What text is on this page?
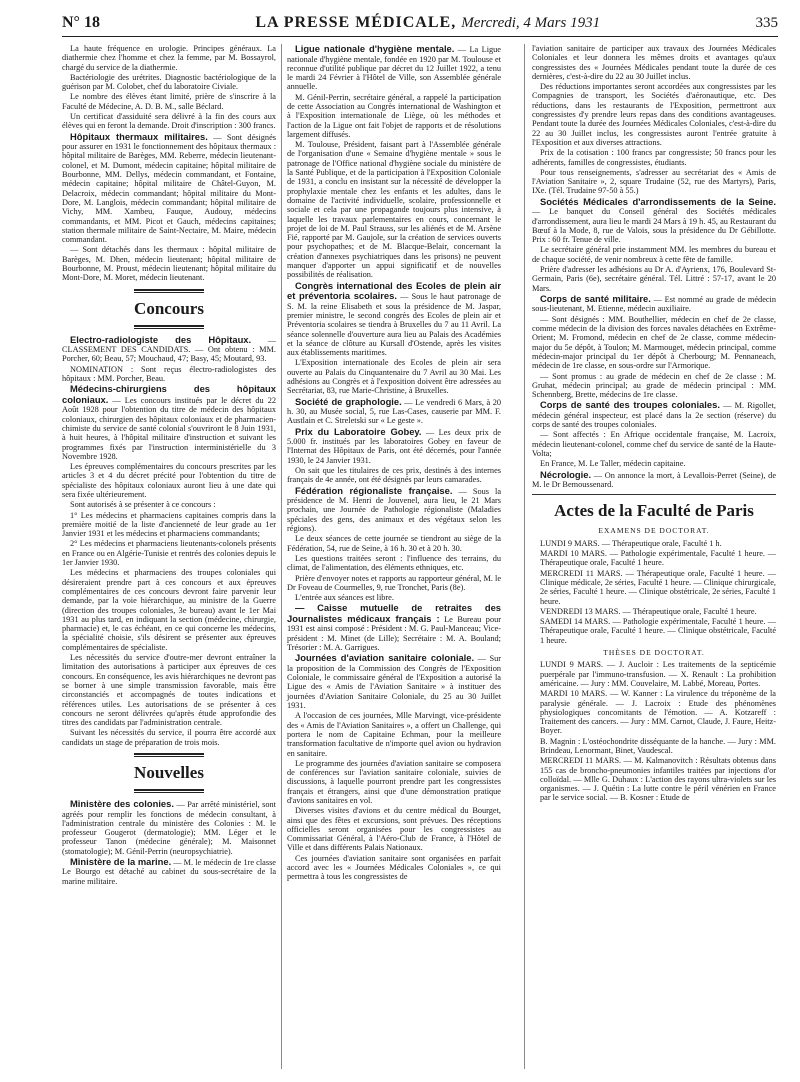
N° 18	LA PRESSE MÉDICALE, Mercredi, 4 Mars 1931	335

La haute fréquence en urologie. Principes généraux. La diathermie chez l'homme et chez la femme, par M. Bossayrol, chargé du service de la diathermie.

Bactériologie des urétrites. Diagnostic bactériologique de la guérison par M. Colobet, chef du laboratoire Civiale.

Le nombre des élèves étant limité, prière de s'inscrire à la Faculté de Médecine, A. D. B. M., salle Béclard.

Un certificat d'assiduité sera délivré à la fin des cours aux élèves qui en feront la demande. Droit d'inscription : 300 francs.

Hôpitaux thermaux militaires. — Sont désignés pour assurer en 1931 le fonctionnement des hôpitaux thermaux : hôpital militaire de Barèges, MM. Reberre, médecin lieutenant-colonel, et M. Dumont, médecin capitaine; hôpital militaire de Bourbonne, MM. Dellys, médecin commandant, et Fontaine, médecin capitaine; hôpital militaire de Châtel-Guyon, M. Delacroix, médecin commandant; hôpital militaire du Mont-Dore, M. Langlois, médecin commandant; hôpital militaire de Vichy, MM. Xambeu, Fauque, Audouy, médecins commandants, et MM. Picot et Gauch, médecins capitaines; station thermale militaire de Saint-Nectaire, M. Maire, médecin commandant.

— Sont détachés dans les thermaux : hôpital militaire de Barèges, M. Dhen, médecin lieutenant; hôpital militaire de Bourbonne, M. Proust, médecin lieutenant; hôpital militaire du Mont-Dore, M. Moret, médecin lieutenant.

Concours

Electro-radiologiste des Hôpitaux. — CLASSEMENT DES CANDIDATS. — Ont obtenu : MM. Porcher, 60; Beau, 57; Mouchaud, 47; Basy, 45; Moutard, 93.

NOMINATION : Sont reçus électro-radiologistes des hôpitaux : MM. Porcher, Beau.

Médecins-chirurgiens des hôpitaux coloniaux. — Les concours institués par le décret du 22 Août 1928 pour l'obtention du titre de médecin des hôpitaux coloniaux, chirurgien des hôpitaux coloniaux et de pharmacien-chimiste du service de santé colonial s'ouvriront le 8 Juin 1931, à huit heures, à l'hôpital militaire d'instruction et suivant les programmes fixés par l'instruction interministérielle du 3 Novembre 1928.

Les épreuves complémentaires du concours prescrites par les articles 3 et 4 du décret précité pour l'obtention du titre de spécialiste des hôpitaux coloniaux auront lieu à une date qui sera fixée ultérieurement.

Sont autorisés à se présenter à ce concours :

1° Les médecins et pharmaciens capitaines compris dans la première moitié de la liste d'ancienneté de leur grade au 1er Janvier 1931 et les médecins et pharmaciens commandants;

2° Les médecins et pharmaciens lieutenants-colonels présents en France ou en Algérie-Tunisie et rentrés des colonies depuis le 1er Janvier 1930.

Les médecins et pharmaciens des troupes coloniales qui désireraient prendre part à ces concours et aux épreuves complémentaires de ces concours devront faire parvenir leur demande, par la voie hiérarchique, au ministre de la Guerre (direction des troupes coloniales, 3e bureau) avant le 1er Mai 1931 au plus tard, en indiquant la section (médecine, chirurgie, pharmacie) et, le cas échéant, en ce qui concerne les médecins, la spécialité choisie, s'ils désirent se présenter aux épreuves complémentaires de spécialiste.

Les nécessités du service d'outre-mer devront entraîner la limitation des autorisations à participer aux épreuves de ces concours. En conséquence, les avis hiérarchiques ne devront pas se borner à une simple transmission favorable, mais être circonstanciés et accompagnés de toutes indications et références utiles. Les autorisations de se présenter à ces concours ne seront délivrées qu'après étude approfondie des titres des candidats par l'administration centrale.

Suivant les nécessités du service, il pourra être accordé aux candidats un stage de préparation de trois mois.

Nouvelles

Ministère des colonies. — Par arrêté ministériel, sont agréés pour remplir les fonctions de médecin consultant, à l'administration centrale du ministère des Colonies : M. le professeur Gougerot (dermatologie); MM. Léger et le professeur Tanon (médecine générale); M. Maisonnet (stomatologie); M. Génil-Perrin (neuropsychiatrie).

Ministère de la marine. — M. le médecin de 1re classe Le Bourgo est détaché au cabinet du sous-secrétaire de la marine militaire.

Ligue nationale d'hygiène mentale. — La Ligue nationale d'hygiène mentale, fondée en 1920 par M. Toulouse et reconnue d'utilité publique par décret du 12 Juillet 1922, a tenu le mardi 24 Février à l'Hôtel de Ville, son Assemblée générale annuelle.

M. Génil-Perrin, secrétaire général, a rappelé la participation de cette Association au Congrès international de Washington et à l'Exposition internationale de Liège, où les méthodes et l'action de la Ligue ont fait l'objet de rapports et de résolutions largement diffusés.

M. Toulouse, Président, faisant part à l'Assemblée générale de l'organisation d'une « Semaine d'hygiène mentale » sous le patronage de l'Office national d'hygiène sociale du ministère de la Santé Publique, et de la participation à l'Exposition Coloniale de 1931, a conclu en insistant sur la nécessité de développer la prophylaxie mentale chez les enfants et les adultes, dans le domaine de l'activité individuelle, scolaire, professionnelle et sociale et cela par une propagande toujours plus intensive, à laquelle les travaux parlementaires en cours, concernant le projet de loi de M. Paul Strauss, sur les aliénés et de M. Arsène Fié, rapporté par M. Gaujole, sur la création de services ouverts pour psychopathes; et de M. Blacque-Belair, concernant la création d'annexes psychiatriques dans les prisons) ne peuvent manquer d'apporter un appui significatif et de nouvelles possibilités de réalisation.

Congrès international des Ecoles de plein air et préventoria scolaires. — Sous le haut patronage de S. M. la reine Elisabeth et sous la présidence de M. Jaspar, premier ministre, le second congrès des Ecoles de plein air et Préventoria scolaires se tiendra à Bruxelles du 7 au 11 Avril. La séance solennelle d'ouverture aura lieu au Palais des Académies et la séance de clôture au Kursall d'Ostende, après les visites aux établissements maritimes.

L'Exposition internationale des Ecoles de plein air sera ouverte au Palais du Cinquantenaire du 7 Avril au 30 Mai. Les adhésions au Congrès et à l'exposition doivent être adressées au Secrétariat, 83, rue Marie-Christine, à Bruxelles.

Société de graphologie. — Le vendredi 6 Mars, à 20 h. 30, au Musée social, 5, rue Las-Cases, causerie par MM. F. Austlain et C. Streletski sur « Le geste ».

Prix du Laboratoire Gobey. — Les deux prix de 5.000 fr. institués par les laboratoires Gobey en faveur de l'Internat des Hôpitaux de Paris, ont été décernés, pour l'année 1930, le 24 Janvier 1931.

On sait que les titulaires de ces prix, destinés à des internes français de 4e année, ont été désignés par leurs camarades.

Fédération régionaliste française. — Sous la présidence de M. Henri de Jouvenel, aura lieu, le 21 Mars prochain, une Journée de Pathologie régionaliste (Maladies spéciales des gens, des animaux et des végétaux selon les régions).

Le deux séances de cette journée se tiendront au siège de la Fédération, 54, rue de Seine, à 16 h. 30 et à 20 h. 30.

Les questions traitées seront : l'influence des terrains, du climat, de l'alimentation, des éléments ethniques, etc.

Prière d'envoyer notes et rapports au rapporteur général, M. le Dr Foveau de Courmelles, 9, rue Tronchet, Paris (8e).

L'entrée aux séances est libre.

— Caisse mutuelle de retraites des Journalistes médicaux français : Le Bureau pour 1931 est ainsi composé : Président : M. G. Paul-Manceau; Vice-président : M. Minet (de Lille); Secrétaire : M. A. Bouland; Trésorier : M. A. Garrigues.

Journées d'aviation sanitaire coloniale. — Sur la proposition de la Commission des Congrès de l'Exposition Coloniale, le commissaire général de l'Exposition a autorisé la Ligue des « Amis de l'Aviation Sanitaire » à instituer des journées d'Aviation Sanitaire Coloniale, du 25 au 30 Juillet 1931.

A l'occasion de ces journées, Mlle Marvingt, vice-présidente des « Amis de l'Aviation Sanitaires », a offert un Challenge, qui portera le nom de Capitaine Echman, pour la meilleure transformation facultative de n'importe quel avion ou hydravion en sanitaire.

Le programme des journées d'aviation sanitaire se composera de conférences sur l'aviation sanitaire coloniale, suivies de discussions, à laquelle pourront prendre part les congressistes français et étrangers, ainsi que d'une démonstration pratique d'avions sanitaires en vol.

Diverses visites d'avions et du centre médical du Bourget, ainsi que des fêtes et excursions, sont prévues. Des réceptions officielles seront organisées pour les congressistes au Commissariat Général, à l'Aéro-Club de France, à l'Hôtel de Ville et dans différents Palais Nationaux.

Ces journées d'aviation sanitaire sont organisées en parfait accord avec les « Journées Médicales Coloniales », ce qui permettra à tous les congressistes de

l'aviation sanitaire de participer aux travaux des Journées Médicales Coloniales et leur donnera les mêmes droits et avantages qu'aux congressistes des « Journées Médicales pendant toute la durée de ces dernières, c'est-à-dire du 22 au 30 Juillet inclus.

Des réductions importantes seront accordées aux congressistes par les Compagnies de transport, les Sociétés d'aéronautique, etc. Des réductions, dans les restaurants de l'Exposition, permettront aux congressistes d'y prendre leurs repas dans des conditions avantageuses. Pendant toute la durée des Journées Médicales Coloniales, c'est-à-dire du 22 au 30 Juillet inclus, les congressistes auront l'entrée gratuite à l'Exposition et aux diverses attractions.

Prix de la cotisation : 100 francs par congressiste; 50 francs pour les adhérents, familles de congressistes, étudiants.

Pour tous renseignements, s'adresser au secrétariat des « Amis de l'Aviation Sanitaire », 2, square Trudaine (52, rue des Martyrs), Paris, IXe. (Tél. Trudaine 97-50 à 55.)

Sociétés Médicales d'arrondissements de la Seine. — Le banquet du Conseil général des Sociétés médicales d'arrondissement, aura lieu le mardi 24 Mars à 19 h. 45, au Restaurant du Bœuf à la Mode, 8, rue de Valois, sous la présidence du Dr Gébillotte. Prix : 60 fr. Tenue de ville.

Le secrétaire général prie instamment MM. les membres du bureau et de chaque société, de venir nombreux à cette fête de famille.

Prière d'adresser les adhésions au Dr A. d'Ayrienx, 176, Boulevard St-Germain, Paris (6e), secrétaire général. Tél. Littré : 57-17, avant le 20 Mars.

Corps de santé militaire. — Est nommé au grade de médecin sous-lieutenant, M. Etienne, médecin auxiliaire.

— Sont désignés : MM. Bouthellier, médecin en chef de 2e classe, comme médecin de la division des forces navales détachées en Extrême-Orient; M. Fromond, médecin en chef de 2e classe, comme médecin-major du 5e dépôt, à Toulon; M. Marmouget, médecin principal, comme médecin-major principal du 1er dépôt à Cherbourg; M. Pennaneach, médecin de 1re classe, en sous-ordre sur l'Armorique.

— Sont promus : au grade de médecin en chef de 2e classe : M. Gruhat, médecin principal; au grade de médecin principal : MM. Schennberg, Brette, médecins de 1re classe.

Corps de santé des troupes coloniales. — M. Rigollet, médecin général inspecteur, est placé dans la 2e section (réserve) du corps de santé des troupes coloniales.

— Sont affectés : En Afrique occidentale française, M. Lacroix, médecin lieutenant-colonel, comme chef du service de santé de la Haute-Volta;

En France, M. Le Taller, médecin capitaine.

Nécrologie. — On annonce la mort, à Levallois-Perret (Seine), de M. le Dr Bemoussenard.

Actes de la Faculté de Paris
EXAMENS DE DOCTORAT.

LUNDI 9 MARS. — Thérapeutique orale, Faculté 1 h.

MARDI 10 MARS. — Pathologie expérimentale, Faculté 1 heure. — Thérapeutique orale, Faculté 1 heure.

MERCREDI 11 MARS. — Thérapeutique orale, Faculté 1 heure. — Clinique médicale, 2e séries, Faculté 1 heure. — Clinique chirurgicale, 2e séries, Faculté 1 heure. — Clinique obstétricale, 2e séries, Faculté 1 heure.

VENDREDI 13 MARS. — Thérapeutique orale, Faculté 1 heure.

SAMEDI 14 MARS. — Pathologie expérimentale, Faculté 1 heure. — Thérapeutique orale, Faculté 1 heure. — Clinique obstétricale, Faculté 1 heure.

THÈSES DE DOCTORAT.

LUNDI 9 MARS. — J. Aucloir : Les traitements de la septicémie puerpérale par l'immuno-transfusion. — X. Renault : La prohibition américaine. — Jury : MM. Couvelaire, M. Labbé, Moreau, Portes.

MARDI 10 MARS. — W. Kanner : La virulence du tréponème de la paralysie générale. — J. Lacroix : Etude des phénomènes physiologiques concomitants de l'émotion. — A. Kotzareff : Traitement des cancers. — Jury : MM. Carnot, Claude, J. Faure, Heitz-Boyer.

B. Magnin : L'ostéochondrite disséquante de la hanche. — Jury : MM. Brindeau, Lenormant, Binet, Vaudescal.

MERCREDI 11 MARS. — M. Kalmanovitch : Résultats obtenus dans 155 cas de broncho-pneumonies infantiles traitées par injections d'or colloïdal. — Mlle G. Duhaux : L'action des rayons ultra-violets sur les organismes. — J. Quétin : La lutte contre le péril vénérien en France par le service social. — B. Kosner : Etude de
